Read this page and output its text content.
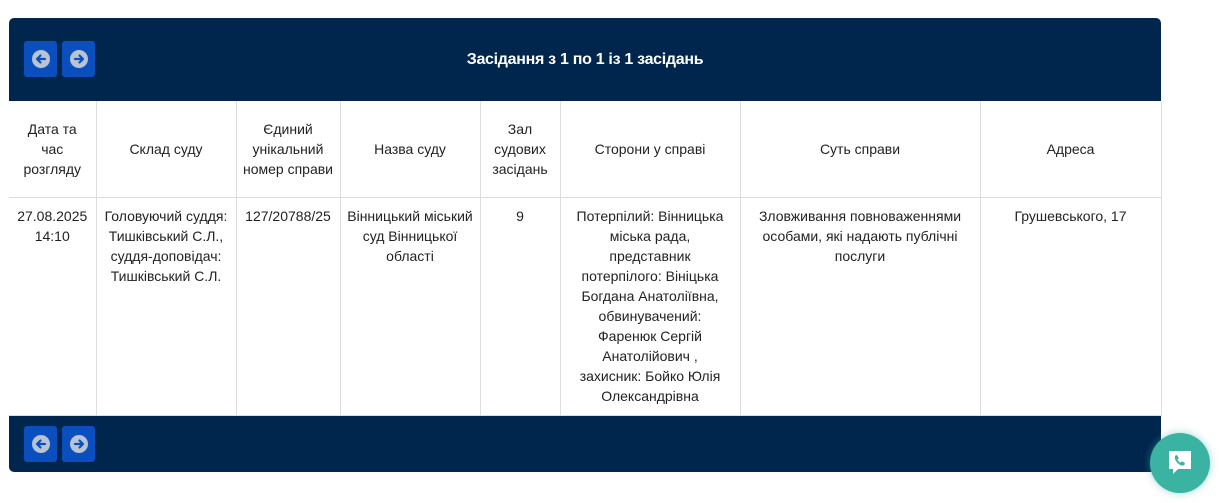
Засідання з 1 по 1 із 1 засідань
Дата та час розгляду	Склад суду	Єдиний унікальний номер справи	Назва суду	Зал судових засідань	Сторони у справі	Суть справи	Адреса
27.08.2025 14:10	Головуючий суддя: Тишківський С.Л., суддя-доповідач: Тишківський С.Л.	127/20788/25	Вінницький міський суд Вінницької області	9	Потерпілий: Вінницька міська рада, представник потерпілого: Вініцька Богдана Анатоліївна, обвинувачений: Фаренюк Сергій Анатолійович , захисник: Бойко Юлія Олександрівна	Зловживання повноваженнями особами, які надають публічні послуги	Грушевського, 17
